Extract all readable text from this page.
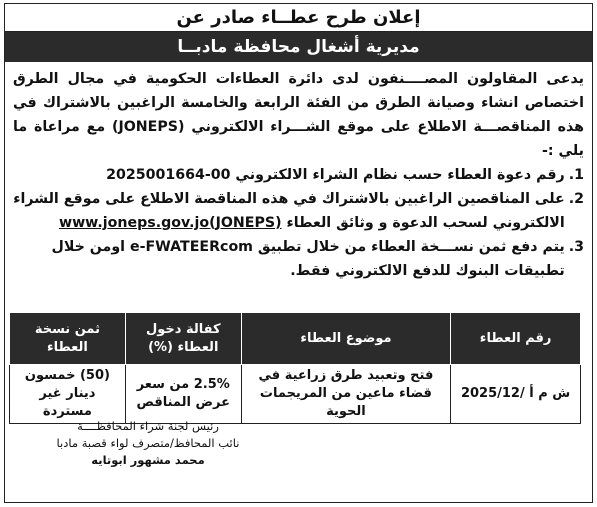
إعلان طرح عطــاء صادر عن
مديرية أشغال محافظة مادبــا

يدعى المقاولون المصــــنفون لدى دائرة العطاءات الحكومية في مجال الطرق اختصاص انشاء وصيانة الطرق من الفئة الرابعة والخامسة الراغبين بالاشتراك في هذه المناقصـــة الاطلاع على موقع الشـــراء الالكتروني (JONEPS) مع مراعاة ما يلي :-

1.
رقم دعوة العطاء حسب نظام الشراء الالكتروني 00-2025001664
2.
على المناقصين الراغبين بالاشتراك في هذه المناقصة الاطلاع على موقع الشراء الالكتروني لسحب الدعوة و وثائق العطاء (JONEPS)www.joneps.gov.jo
3.
يتم دفع ثمن نســـخة العطاء من خلال تطبيق e-FWATEERcom اومن خلال تطبيقات البنوك للدفع الالكتروني فقط.
رقم العطاء	موضوع العطاء	كفالة دخول العطاء (%)	ثمن نسخة العطاء
ش م أ /2025/12	فتح وتعبيد طرق زراعية في قضاء ماعين من المريجمات الحوية	2.5% من سعر عرض المناقص	(50) خمسون دينار غير مستردة
رئيس لجنة شراء المحافظــــة
نائب المحافظ/متصرف لواء قصبة مادبا
محمد مشهور ابوتايه
